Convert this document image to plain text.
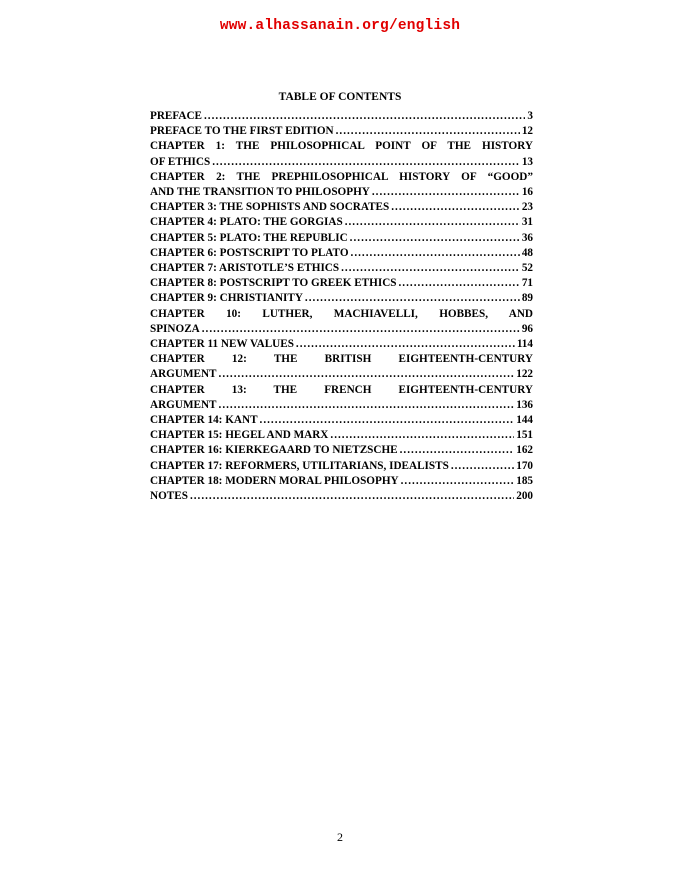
www.alhassanain.org/english
TABLE OF CONTENTS
PREFACE .....	3
PREFACE TO THE FIRST EDITION .....	12
CHAPTER 1: THE PHILOSOPHICAL POINT OF THE HISTORY
OF ETHICS .....	13
CHAPTER 2: THE PREPHILOSOPHICAL HISTORY OF “GOOD”
AND THE TRANSITION TO PHILOSOPHY .....	16
CHAPTER 3: THE SOPHISTS AND SOCRATES .....	23
CHAPTER 4: PLATO: THE GORGIAS .....	31
CHAPTER 5: PLATO: THE REPUBLIC .....	36
CHAPTER 6: POSTSCRIPT TO PLATO .....	48
CHAPTER 7: ARISTOTLE’S ETHICS .....	52
CHAPTER 8: POSTSCRIPT TO GREEK ETHICS .....	71
CHAPTER 9: CHRISTIANITY .....	89
CHAPTER 10: LUTHER, MACHIAVELLI, HOBBES, AND
SPINOZA .....	96
CHAPTER 11 NEW VALUES .....	114
CHAPTER 12: THE BRITISH EIGHTEENTH-CENTURY
ARGUMENT .....	122
CHAPTER 13: THE FRENCH EIGHTEENTH-CENTURY
ARGUMENT .....	136
CHAPTER 14: KANT .....	144
CHAPTER 15: HEGEL AND MARX .....	151
CHAPTER 16: KIERKEGAARD TO NIETZSCHE .....	162
CHAPTER 17: REFORMERS, UTILITARIANS, IDEALISTS .....	170
CHAPTER 18: MODERN MORAL PHILOSOPHY .....	185
NOTES .....	200
2
